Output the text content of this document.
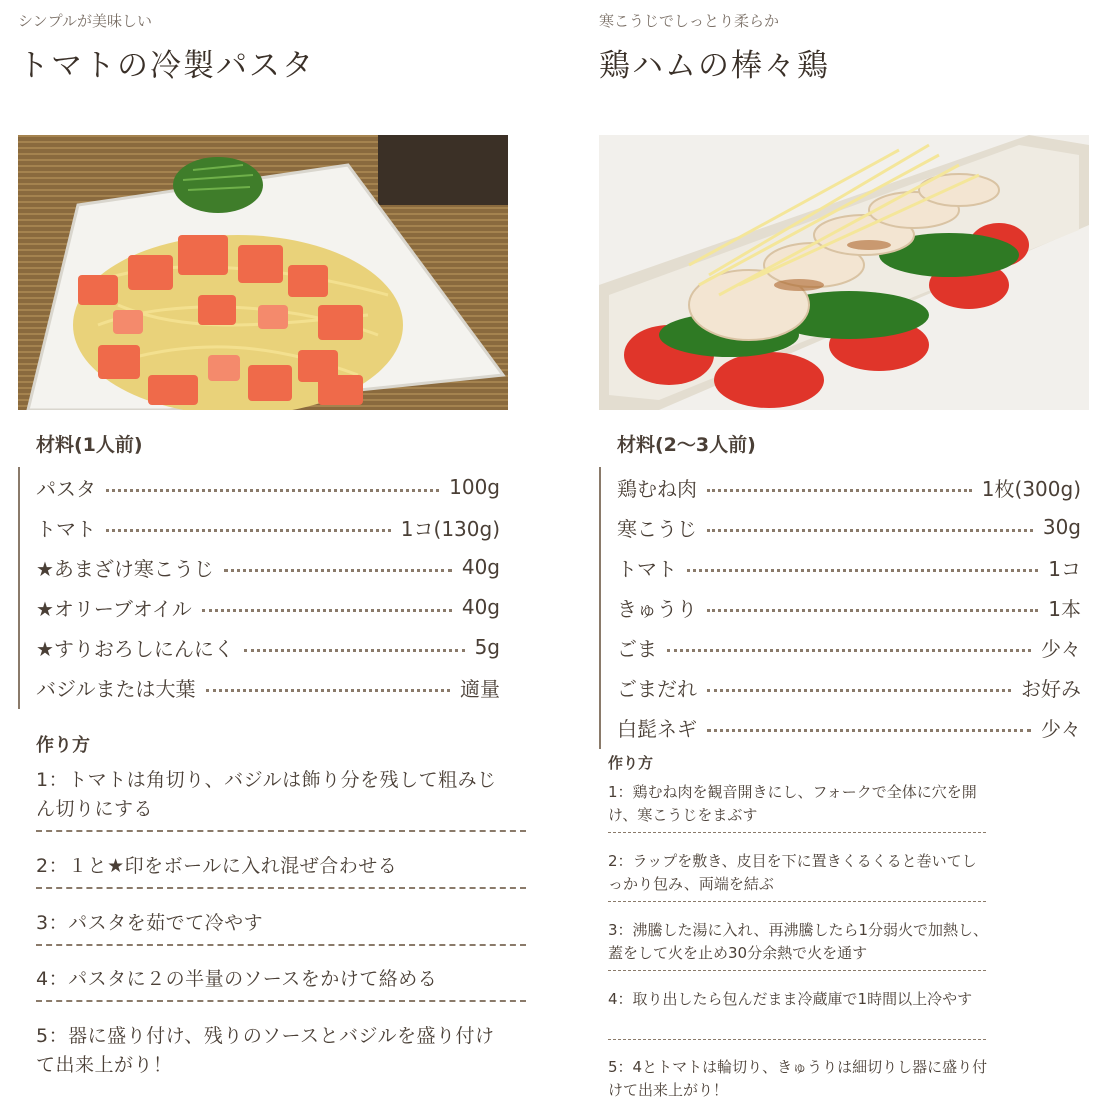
シンプルが美味しい
トマトの冷製パスタ
材料(1人前)
パスタ	100g
トマト	1コ(130g)
★あまざけ寒こうじ	40g
★オリーブオイル	40g
★すりおろしにんにく	5g
バジルまたは大葉	適量
作り方
1：トマトは角切り、バジルは飾り分を残して粗みじん切りにする
2：１と★印をボールに入れ混ぜ合わせる
3：パスタを茹でて冷やす
4：パスタに２の半量のソースをかけて絡める
5：器に盛り付け、残りのソースとバジルを盛り付けて出来上がり！
寒こうじでしっとり柔らか
鶏ハムの棒々鶏
材料(2〜3人前)
鶏むね肉	1枚(300g)
寒こうじ	30g
トマト	1コ
きゅうり	1本
ごま	少々
ごまだれ	お好み
白髭ネギ	少々
作り方
1：鶏むね肉を観音開きにし、フォークで全体に穴を開け、寒こうじをまぶす
2：ラップを敷き、皮目を下に置きくるくると巻いてしっかり包み、両端を結ぶ
3：沸騰した湯に入れ、再沸騰したら1分弱火で加熱し、蓋をして火を止め30分余熱で火を通す
4：取り出したら包んだまま冷蔵庫で1時間以上冷やす
5：4とトマトは輪切り、きゅうりは細切りし器に盛り付けて出来上がり！
